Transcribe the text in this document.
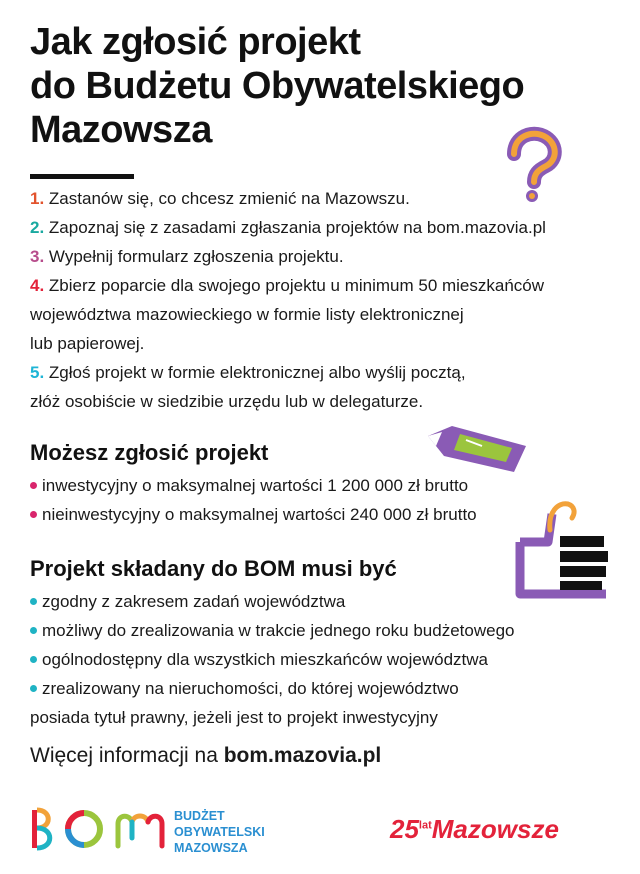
Jak zgłosić projekt
do Budżetu Obywatelskiego
Mazowsza
1. Zastanów się, co chcesz zmienić na Mazowszu.
2. Zapoznaj się z zasadami zgłaszania projektów na bom.mazovia.pl
3. Wypełnij formularz zgłoszenia projektu.
4. Zbierz poparcie dla swojego projektu u minimum 50 mieszkańców
województwa mazowieckiego w formie listy elektronicznej
lub papierowej.
5. Zgłoś projekt w formie elektronicznej albo wyślij pocztą,
złóż osobiście w siedzibie urzędu lub w delegaturze.
Możesz zgłosić projekt
inwestycyjny o maksymalnej wartości 1 200 000 zł brutto
nieinwestycyjny o maksymalnej wartości 240 000 zł brutto
Projekt składany do BOM musi być
zgodny z zakresem zadań województwa
możliwy do zrealizowania w trakcie jednego roku budżetowego
ogólnodostępny dla wszystkich mieszkańców województwa
zrealizowany na nieruchomości, do której województwo
posiada tytuł prawny, jeżeli jest to projekt inwestycyjny
Więcej informacji na bom.mazovia.pl
BUDŻET
OBYWATELSKI
MAZOWSZA
$25^{lat}Mazowsze$
